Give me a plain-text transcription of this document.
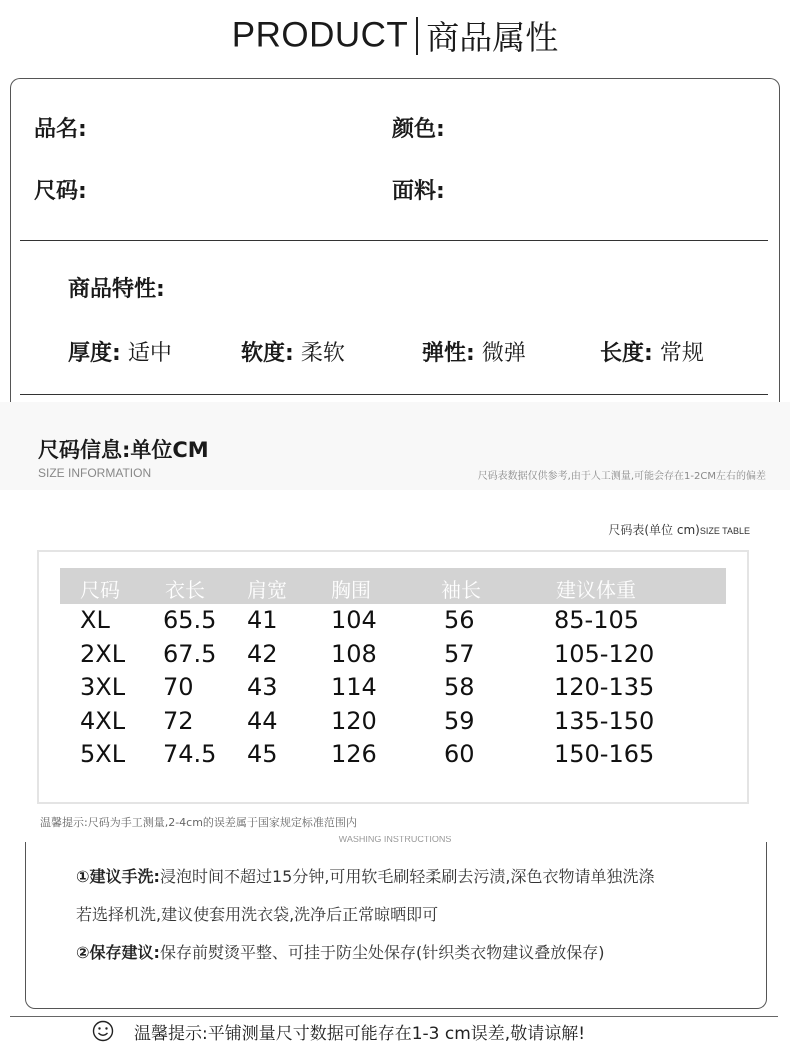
PRODUCT 商品属性
品名:	颜色:
尺码:	面料:
商品特性:
厚度: 适中	软度: 柔软	弹性: 微弹	长度: 常规
尺码信息:单位CM
SIZE INFORMATION	尺码表数据仅供参考,由于人工测量,可能会存在1-2CM左右的偏差
尺码表(单位 cm)SIZE TABLE
尺码 衣长 肩宽 胸围	袖长	建议体重
XL 65.5 41 104	56	85-105
2XL 67.5 42 108	57	105-120
3XL 70 43 114	58	120-135
4XL 72 44 120	59	135-150
5XL 74.5 45 126	60	150-165
温馨提示:尺码为手工测量,2-4cm的误差属于国家规定标准范围内
WASHING INSTRUCTIONS
①建议手洗:浸泡时间不超过15分钟,可用软毛刷轻柔刷去污渍,深色衣物请单独洗涤
若选择机洗,建议使套用洗衣袋,洗净后正常晾晒即可
②保存建议:保存前熨烫平整、可挂于防尘处保存(针织类衣物建议叠放保存)
温馨提示:平铺测量尺寸数据可能存在1-3 cm误差,敬请谅解!
